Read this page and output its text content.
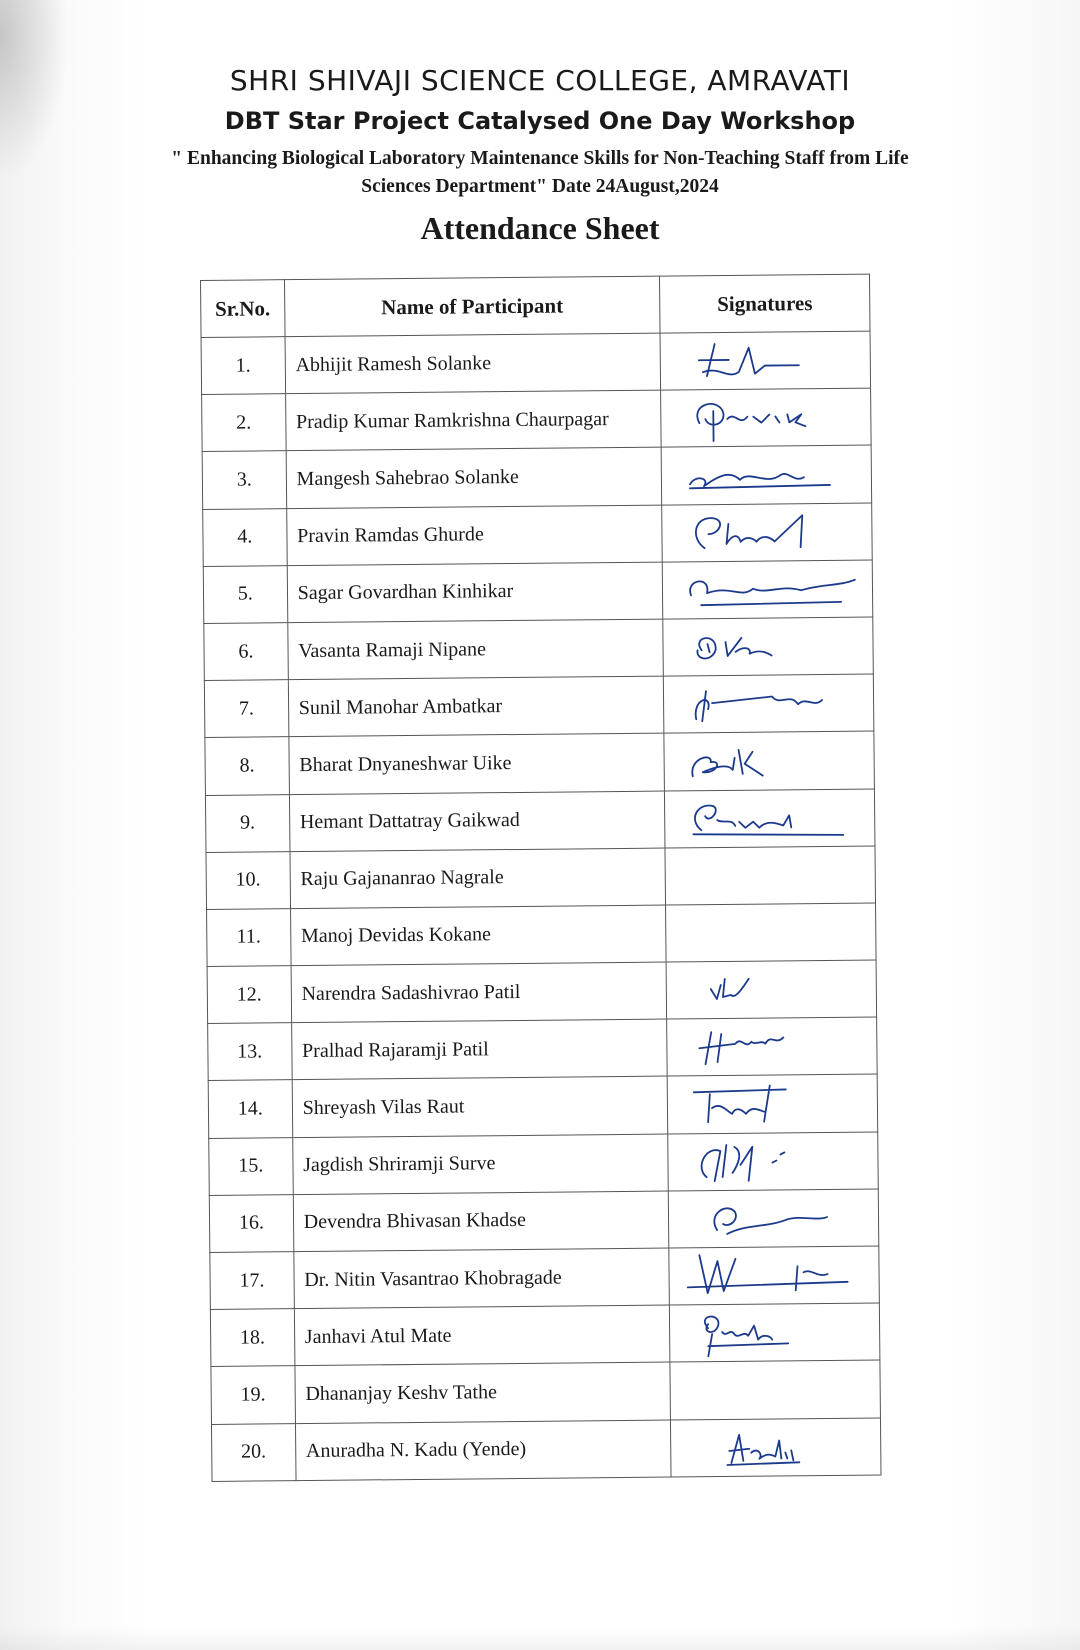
SHRI SHIVAJI SCIENCE COLLEGE, AMRAVATI
DBT Star Project Catalysed One Day Workshop
" Enhancing Biological Laboratory Maintenance Skills for Non-Teaching Staff from Life Sciences Department" Date 24August,2024
Attendance Sheet
Sr.No.	Name of Participant	Signatures
1.	Abhijit Ramesh Solanke	

2.	Pradip Kumar Ramkrishna Chaurpagar	

3.	Mangesh Sahebrao Solanke	

4.	Pravin Ramdas Ghurde	

5.	Sagar Govardhan Kinhikar	

6.	Vasanta Ramaji Nipane	

7.	Sunil Manohar Ambatkar	

8.	Bharat Dnyaneshwar Uike	

9.	Hemant Dattatray Gaikwad	

10.	Raju Gajananrao Nagrale	
11.	Manoj Devidas Kokane	
12.	Narendra Sadashivrao Patil	

13.	Pralhad Rajaramji Patil	

14.	Shreyash Vilas Raut	

15.	Jagdish Shriramji Surve	

16.	Devendra Bhivasan Khadse	

17.	Dr. Nitin Vasantrao Khobragade	

18.	Janhavi Atul Mate	

19.	Dhananjay Keshv Tathe	
20.	Anuradha N. Kadu (Yende)	
